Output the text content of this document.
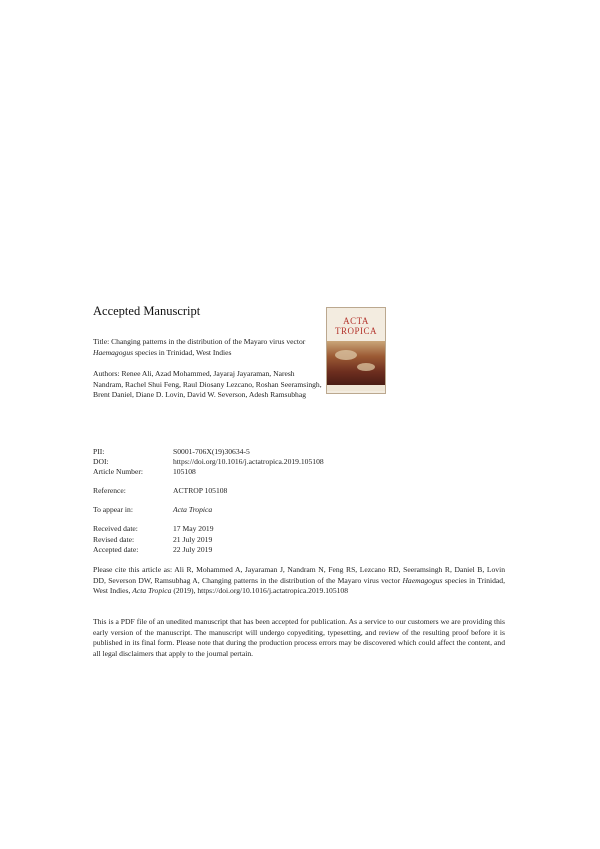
Accepted Manuscript
Title: Changing patterns in the distribution of the Mayaro virus vector Haemagogus species in Trinidad, West Indies
Authors: Renee Ali, Azad Mohammed, Jayaraj Jayaraman, Naresh Nandram, Rachel Shui Feng, Raul Diosany Lezcano, Roshan Seeramsingh, Brent Daniel, Diane D. Lovin, David W. Severson, Adesh Ramsubhag
ACTA
TROPICA
PII:	S0001-706X(19)30634-5
DOI:	https://doi.org/10.1016/j.actatropica.2019.105108
Article Number:	105108
Reference:	ACTROP 105108
To appear in:	Acta Tropica
Received date:	17 May 2019
Revised date:	21 July 2019
Accepted date:	22 July 2019
Please cite this article as: Ali R, Mohammed A, Jayaraman J, Nandram N, Feng RS, Lezcano RD, Seeramsingh R, Daniel B, Lovin DD, Severson DW, Ramsubhag A, Changing patterns in the distribution of the Mayaro virus vector Haemagogus species in Trinidad, West Indies, Acta Tropica (2019), https://doi.org/10.1016/j.actatropica.2019.105108
This is a PDF file of an unedited manuscript that has been accepted for publication. As a service to our customers we are providing this early version of the manuscript. The manuscript will undergo copyediting, typesetting, and review of the resulting proof before it is published in its final form. Please note that during the production process errors may be discovered which could affect the content, and all legal disclaimers that apply to the journal pertain.
